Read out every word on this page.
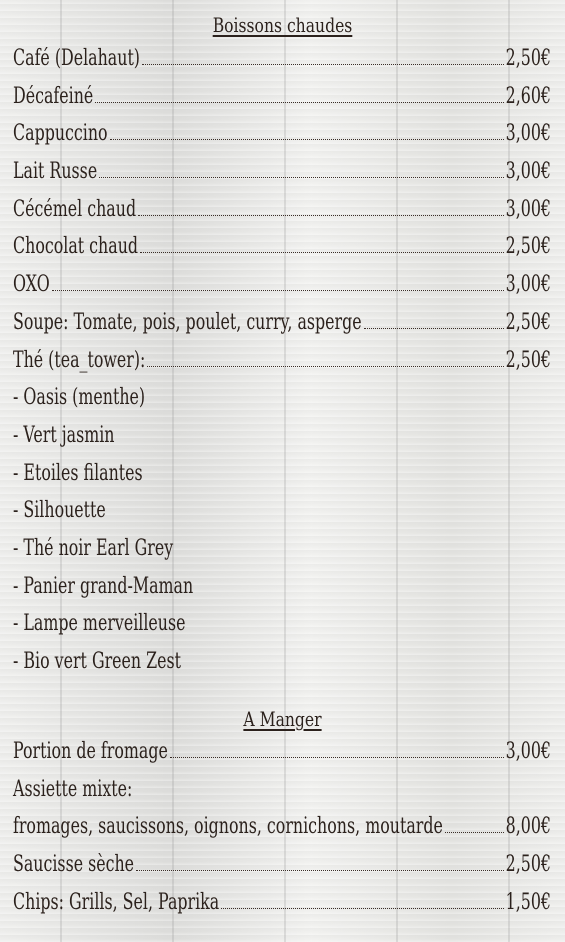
Boissons chaudes
Café (Delahaut)	2,50€
Décafeiné	2,60€
Cappuccino	3,00€
Lait Russe	3,00€
Cécémel chaud	3,00€
Chocolat chaud	2,50€
OXO	3,00€
Soupe: Tomate, pois, poulet, curry, asperge	2,50€
Thé (tea_tower):	2,50€
- Oasis (menthe)
- Vert jasmin
- Etoiles filantes
- Silhouette
- Thé noir Earl Grey
- Panier grand-Maman
- Lampe merveilleuse
- Bio vert Green Zest
A Manger
Portion de fromage	3,00€
Assiette mixte:
fromages, saucissons, oignons, cornichons, moutarde	8,00€
Saucisse sèche	2,50€
Chips: Grills, Sel, Paprika	1,50€
